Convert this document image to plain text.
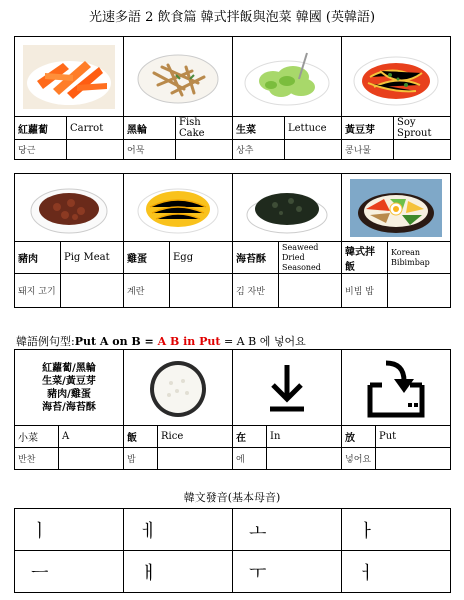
光速多語 2 飲食篇 韓式拌飯與泡菜 韓國 (英韓語)

紅蘿蔔	Carrot	黑輪	Fish Cake	生菜	Lettuce	黃豆芽	Soy Sprout
당근		어묵		상추		콩나물	

豬肉	Pig Meat	雞蛋	Egg	海苔酥	Seaweed Dried Seasoned	韓式拌飯	Korean Bibimbap
돼지 고기		계란		김 자반		비빔 밥	
韓語例句型:Put A on B = A B in Put = A B 에 넣어요
紅蘿蔔/黑輪
生菜/黃豆芽
豬肉/雞蛋
海苔/海苔酥

小菜	A	飯	Rice	在	In	放	Put
반찬		밥		에		넣어요	
韓文發音(基本母音)
ㅣ	ㅔ	ㅗ	ㅏ
ㅡ	ㅐ	ㅜ	ㅓ
